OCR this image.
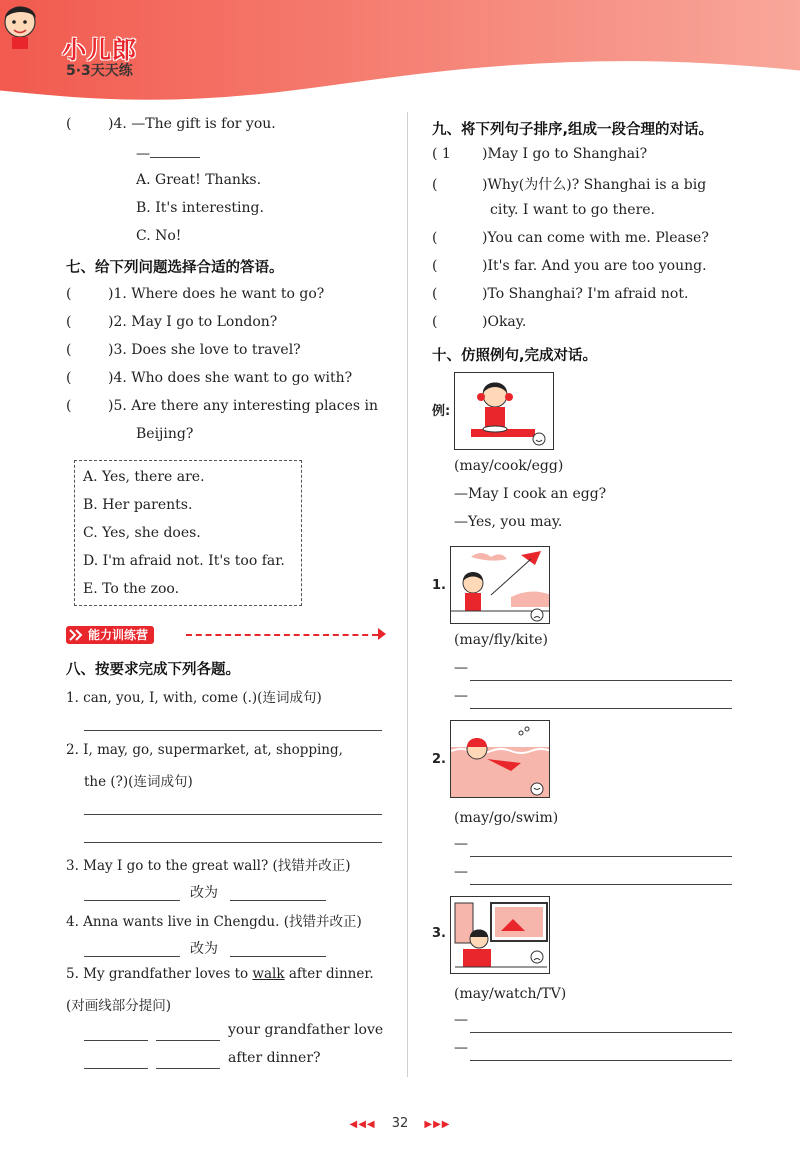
小儿郎
5·3天天练
(	)4. —The gift is for you.
—
A. Great! Thanks.
B. It's interesting.
C. No!
七、给下列问题选择合适的答语。
(	)1. Where does he want to go?
(	)2. May I go to London?
(	)3. Does she love to travel?
(	)4. Who does she want to go with?
(	)5. Are there any interesting places in
Beijing?
A. Yes, there are.
B. Her parents.
C. Yes, she does.
D. I'm afraid not. It's too far.
E. To the zoo.
能力训练营
八、按要求完成下列各题。
1. can, you, I, with, come (.)(连词成句)
2. I, may, go, supermarket, at, shopping,
the (?)(连词成句)
3. May I go to the great wall? (找错并改正)
改为
4. Anna wants live in Chengdu. (找错并改正)
改为
5. My grandfather loves to walk after dinner.
(对画线部分提问)
your grandfather love
after dinner?
九、将下列句子排序,组成一段合理的对话。
( 1 )May I go to Shanghai?
(	)Why(为什么)? Shanghai is a big
city. I want to go there.
(	)You can come with me. Please?
(	)It's far. And you are too young.
(	)To Shanghai? I'm afraid not.
(	)Okay.
十、仿照例句,完成对话。
例:
(may/cook/egg)
—May I cook an egg?
—Yes, you may.
1.
(may/fly/kite)
—
—
2.
(may/go/swim)
—
—
3.
(may/watch/TV)
—
—
◀◀◀ 32 ▶▶▶
